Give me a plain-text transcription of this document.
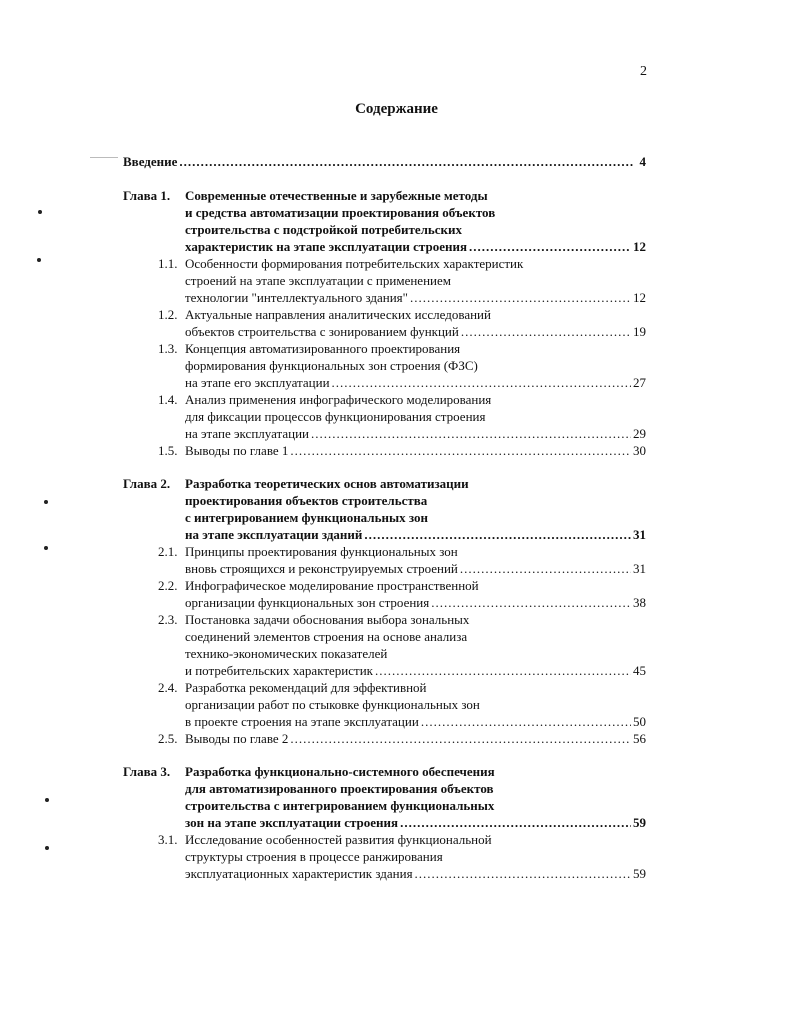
2
Содержание
Введение .....	4
Глава 1.	Современные отечественные и зарубежные методы
и средства автоматизации проектирования объектов
строительства с подстройкой потребительских
характеристик на этапе эксплуатации строения .....	12
1.1. Особенности формирования потребительских характеристик
строений на этапе эксплуатации с применением
технологии "интеллектуального здания" .....	12
1.2. Актуальные направления аналитических исследований
объектов строительства с зонированием функций .....	19
1.3. Концепция автоматизированного проектирования
формирования функциональных зон строения (ФЗС)
на этапе его эксплуатации .....	27
1.4. Анализ применения инфографического моделирования
для фиксации процессов функционирования строения
на этапе эксплуатации .....	29
1.5. Выводы по главе 1 .....	30
Глава 2.	Разработка теоретических основ автоматизации
проектирования объектов строительства
с интегрированием функциональных зон
на этапе эксплуатации зданий .....	31
2.1. Принципы проектирования функциональных зон
вновь строящихся и реконструируемых строений .....	31
2.2. Инфографическое моделирование пространственной
организации функциональных зон строения .....	38
2.3. Постановка задачи обоснования выбора зональных
соединений элементов строения на основе анализа
технико-экономических показателей
и потребительских характеристик .....	45
2.4. Разработка рекомендаций для эффективной
организации работ по стыковке функциональных зон
в проекте строения на этапе эксплуатации .....	50
2.5. Выводы по главе 2 .....	56
Глава 3.	Разработка функционально-системного обеспечения
для автоматизированного проектирования объектов
строительства с интегрированием функциональных
зон на этапе эксплуатации строения .....	59
3.1. Исследование особенностей развития функциональной
структуры строения в процессе ранжирования
эксплуатационных характеристик здания .....	59
